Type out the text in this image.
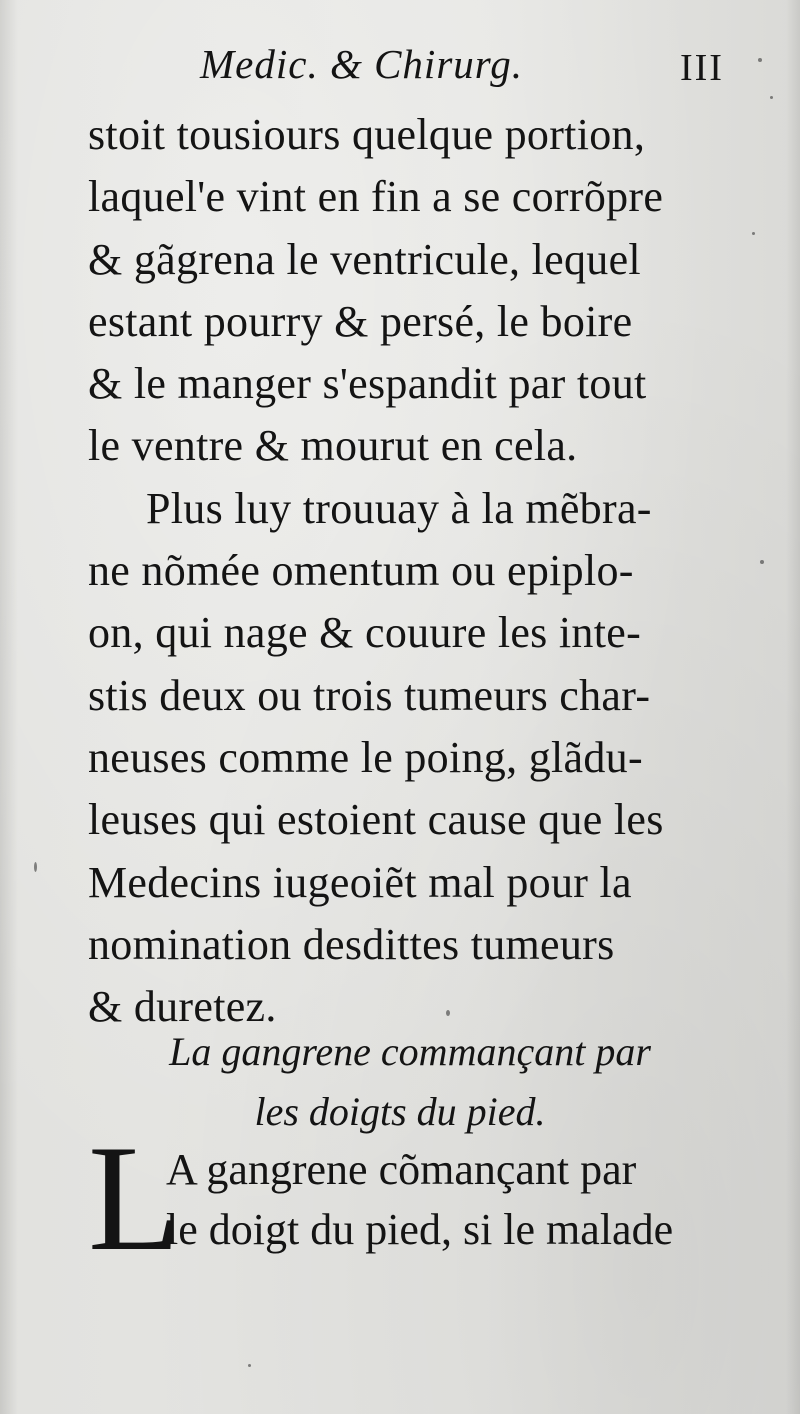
Medic. & Chirurg.	III
stoit tousiours quelque portion,
laquel'e vint en fin a se corrõpre
& gãgrena le ventricule, lequel
estant pourry & persé, le boire
& le manger s'espandit par tout
le ventre & mourut en cela.
Plus luy trouuay à la mẽbra-
ne nõmée omentum ou epiplo-
on, qui nage & couure les inte-
stis deux ou trois tumeurs char-
neuses comme le poing, glãdu-
leuses qui estoient cause que les
Medecins iugeoiẽt mal pour la
nomination desdittes tumeurs
& duretez.
La gangrene commançant par
les doigts du pied.
L
A gangrene cõmançant par
le doigt du pied, si le malade
